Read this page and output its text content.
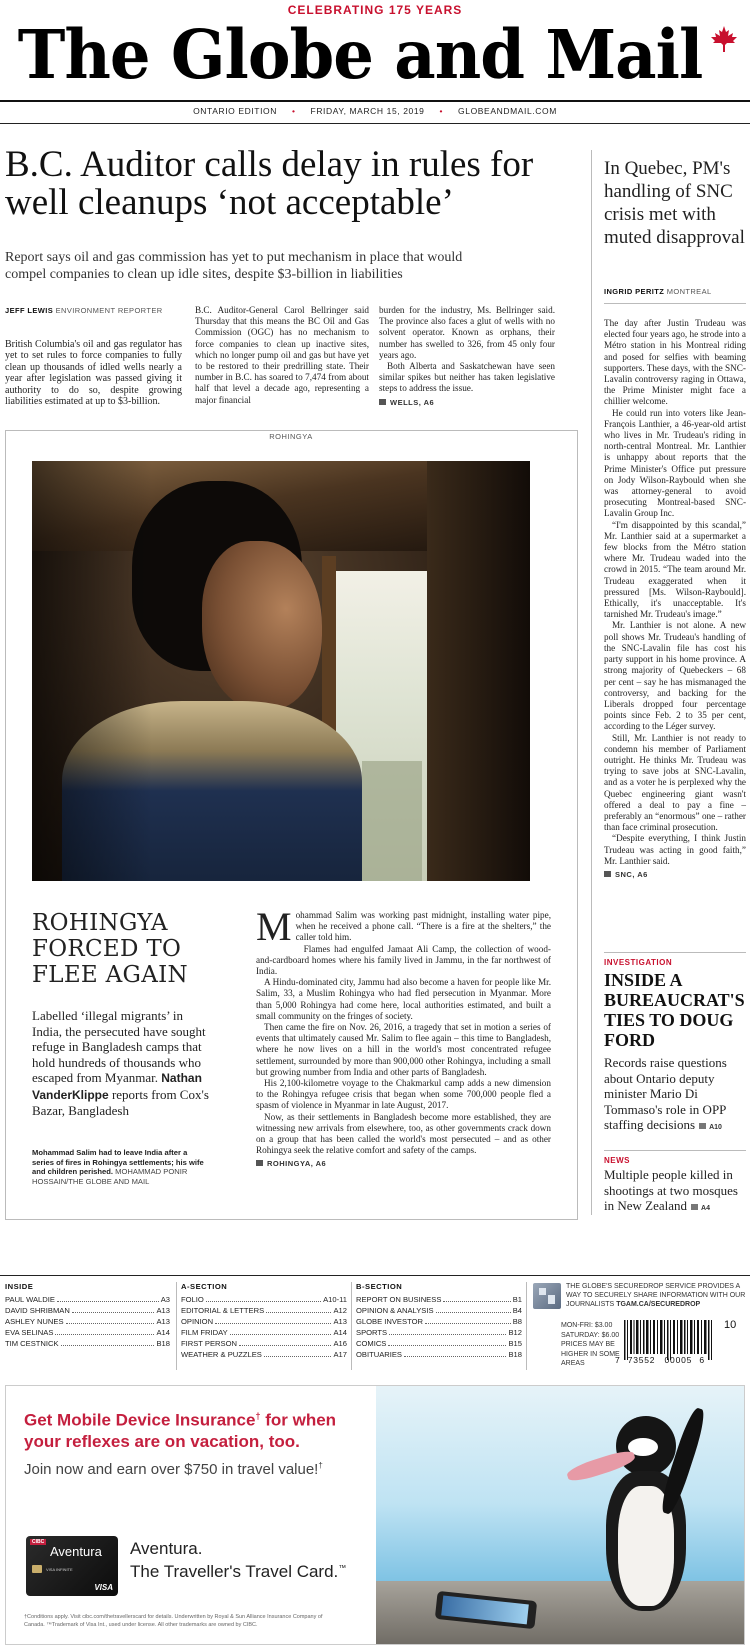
CELEBRATING 175 YEARS
The Globe and Mail
ONTARIO EDITION • FRIDAY, MARCH 15, 2019 • GLOBEANDMAIL.COM
B.C. Auditor calls delay in rules for well cleanups ‘not acceptable’
Report says oil and gas commission has yet to put mechanism in place that would compel companies to clean up idle sites, despite $3-billion in liabilities
JEFF LEWIS ENVIRONMENT REPORTER
British Columbia's oil and gas regulator has yet to set rules to force companies to fully clean up thousands of idled wells nearly a year after legislation was passed giving it authority to do so, despite growing liabilities estimated at up to $3-billion.
B.C. Auditor-General Carol Bellringer said Thursday that this means the BC Oil and Gas Commission (OGC) has no mechanism to force companies to clean up inactive sites, which no longer pump oil and gas but have yet to be restored to their predrilling state. Their number in B.C. has soared to 7,474 from about half that level a decade ago, representing a major financial

burden for the industry, Ms. Bellringer said. The province also faces a glut of wells with no solvent operator. Known as orphans, their number has swelled to 326, from 45 only four years ago.

Both Alberta and Saskatchewan have seen similar spikes but neither has taken legislative steps to address the issue.

WELLS, A6
In Quebec, PM's handling of SNC crisis met with muted disapproval
INGRID PERITZ MONTREAL

The day after Justin Trudeau was elected four years ago, he strode into a Métro station in his Montreal riding and posed for selfies with beaming supporters. These days, with the SNC-Lavalin controversy raging in Ottawa, the Prime Minister might face a chillier welcome.

He could run into voters like Jean-François Lanthier, a 46-year-old artist who lives in Mr. Trudeau's riding in north-central Montreal. Mr. Lanthier is unhappy about reports that the Prime Minister's Office put pressure on Jody Wilson-Raybould when she was attorney-general to avoid prosecuting Montreal-based SNC-Lavalin Group Inc.

“I'm disappointed by this scandal,” Mr. Lanthier said at a supermarket a few blocks from the Métro station where Mr. Trudeau waded into the crowd in 2015. “The team around Mr. Trudeau exaggerated when it pressured [Ms. Wilson-Raybould]. Ethically, it's unacceptable. It's tarnished Mr. Trudeau's image.”

Mr. Lanthier is not alone. A new poll shows Mr. Trudeau's handling of the SNC-Lavalin file has cost his party support in his home province. A strong majority of Quebeckers – 68 per cent – say he has mismanaged the controversy, and backing for the Liberals dropped four percentage points since Feb. 2 to 35 per cent, according to the Léger survey.

Still, Mr. Lanthier is not ready to condemn his member of Parliament outright. He thinks Mr. Trudeau was trying to save jobs at SNC-Lavalin, and as a voter he is perplexed why the Quebec engineering giant wasn't offered a deal to pay a fine – preferably an “enormous” one – rather than face criminal prosecution.

“Despite everything, I think Justin Trudeau was acting in good faith,” Mr. Lanthier said.

SNC, A6
ROHINGYA
ROHINGYA FORCED TO FLEE AGAIN
Labelled ‘illegal migrants’ in India, the persecuted have sought refuge in Bangladesh camps that hold hundreds of thousands who escaped from Myanmar. Nathan VanderKlippe reports from Cox's Bazar, Bangladesh
Mohammad Salim had to leave India after a series of fires in Rohingya settlements; his wife and children perished. MOHAMMAD PONIR HOSSAIN/THE GLOBE AND MAIL

M ohammad Salim was working past midnight, installing water pipe, when he received a phone call. “There is a fire at the shelters,” the caller told him.

Flames had engulfed Jamaat Ali Camp, the collection of wood-and-cardboard homes where his family lived in Jammu, in the far northwest of India.

A Hindu-dominated city, Jammu had also become a haven for people like Mr. Salim, 33, a Muslim Rohingya who had fled persecution in Myanmar. More than 5,000 Rohingya had come here, local authorities estimated, and built a small community on the fringes of society.

Then came the fire on Nov. 26, 2016, a tragedy that set in motion a series of events that ultimately caused Mr. Salim to flee again – this time to Bangladesh, where he now lives on a hill in the world's most concentrated refugee settlement, surrounded by more than 900,000 other Rohingya, including a small but growing number from India and other parts of Bangladesh.

His 2,100-kilometre voyage to the Chakmarkul camp adds a new dimension to the Rohingya refugee crisis that began when some 700,000 people fled a spasm of violence in Myanmar in late August, 2017.

Now, as their settlements in Bangladesh become more established, they are witnessing new arrivals from elsewhere, too, as other governments crack down on a group that has been called the world's most persecuted – and as other Rohingya seek the relative comfort and safety of the camps.

ROHINGYA, A6
INVESTIGATION
INSIDE A BUREAUCRAT'S TIES TO DOUG FORD
Records raise questions about Ontario deputy minister Mario Di Tommaso's role in OPP staffing decisions A10
NEWS
Multiple people killed in shootings at two mosques in New Zealand A4
INSIDE
PAUL WALDIE	A3
DAVID SHRIBMAN	A13
ASHLEY NUNES	A13
EVA SELINAS	A14
TIM CESTNICK	B18
A-SECTION
FOLIO	A10-11
EDITORIAL & LETTERS	A12
OPINION	A13
FILM FRIDAY	A14
FIRST PERSON	A16
WEATHER & PUZZLES	A17
B-SECTION
REPORT ON BUSINESS	B1
OPINION & ANALYSIS	B4
GLOBE INVESTOR	B8
SPORTS	B12
COMICS	B15
OBITUARIES	B18
THE GLOBE'S SECUREDROP SERVICE PROVIDES A WAY TO SECURELY SHARE INFORMATION WITH OUR JOURNALISTS TGAM.CA/SECUREDROP
MON-FRI: $3.00
SATURDAY: $6.00
PRICES MAY BE
HIGHER IN SOME AREAS
10
7 73552 00005 6
Get Mobile Device Insurance† for when your reflexes are on vacation, too.
Join now and earn over $750 in travel value!†
CIBC
Aventura
VISA INFINITE
VISA
Aventura.
The Traveller's Travel Card.™
†Conditions apply. Visit cibc.com/thetravellerscard for details. Underwritten by Royal & Sun Alliance Insurance Company of Canada. ™Trademark of Visa Int., used under license. All other trademarks are owned by CIBC.
